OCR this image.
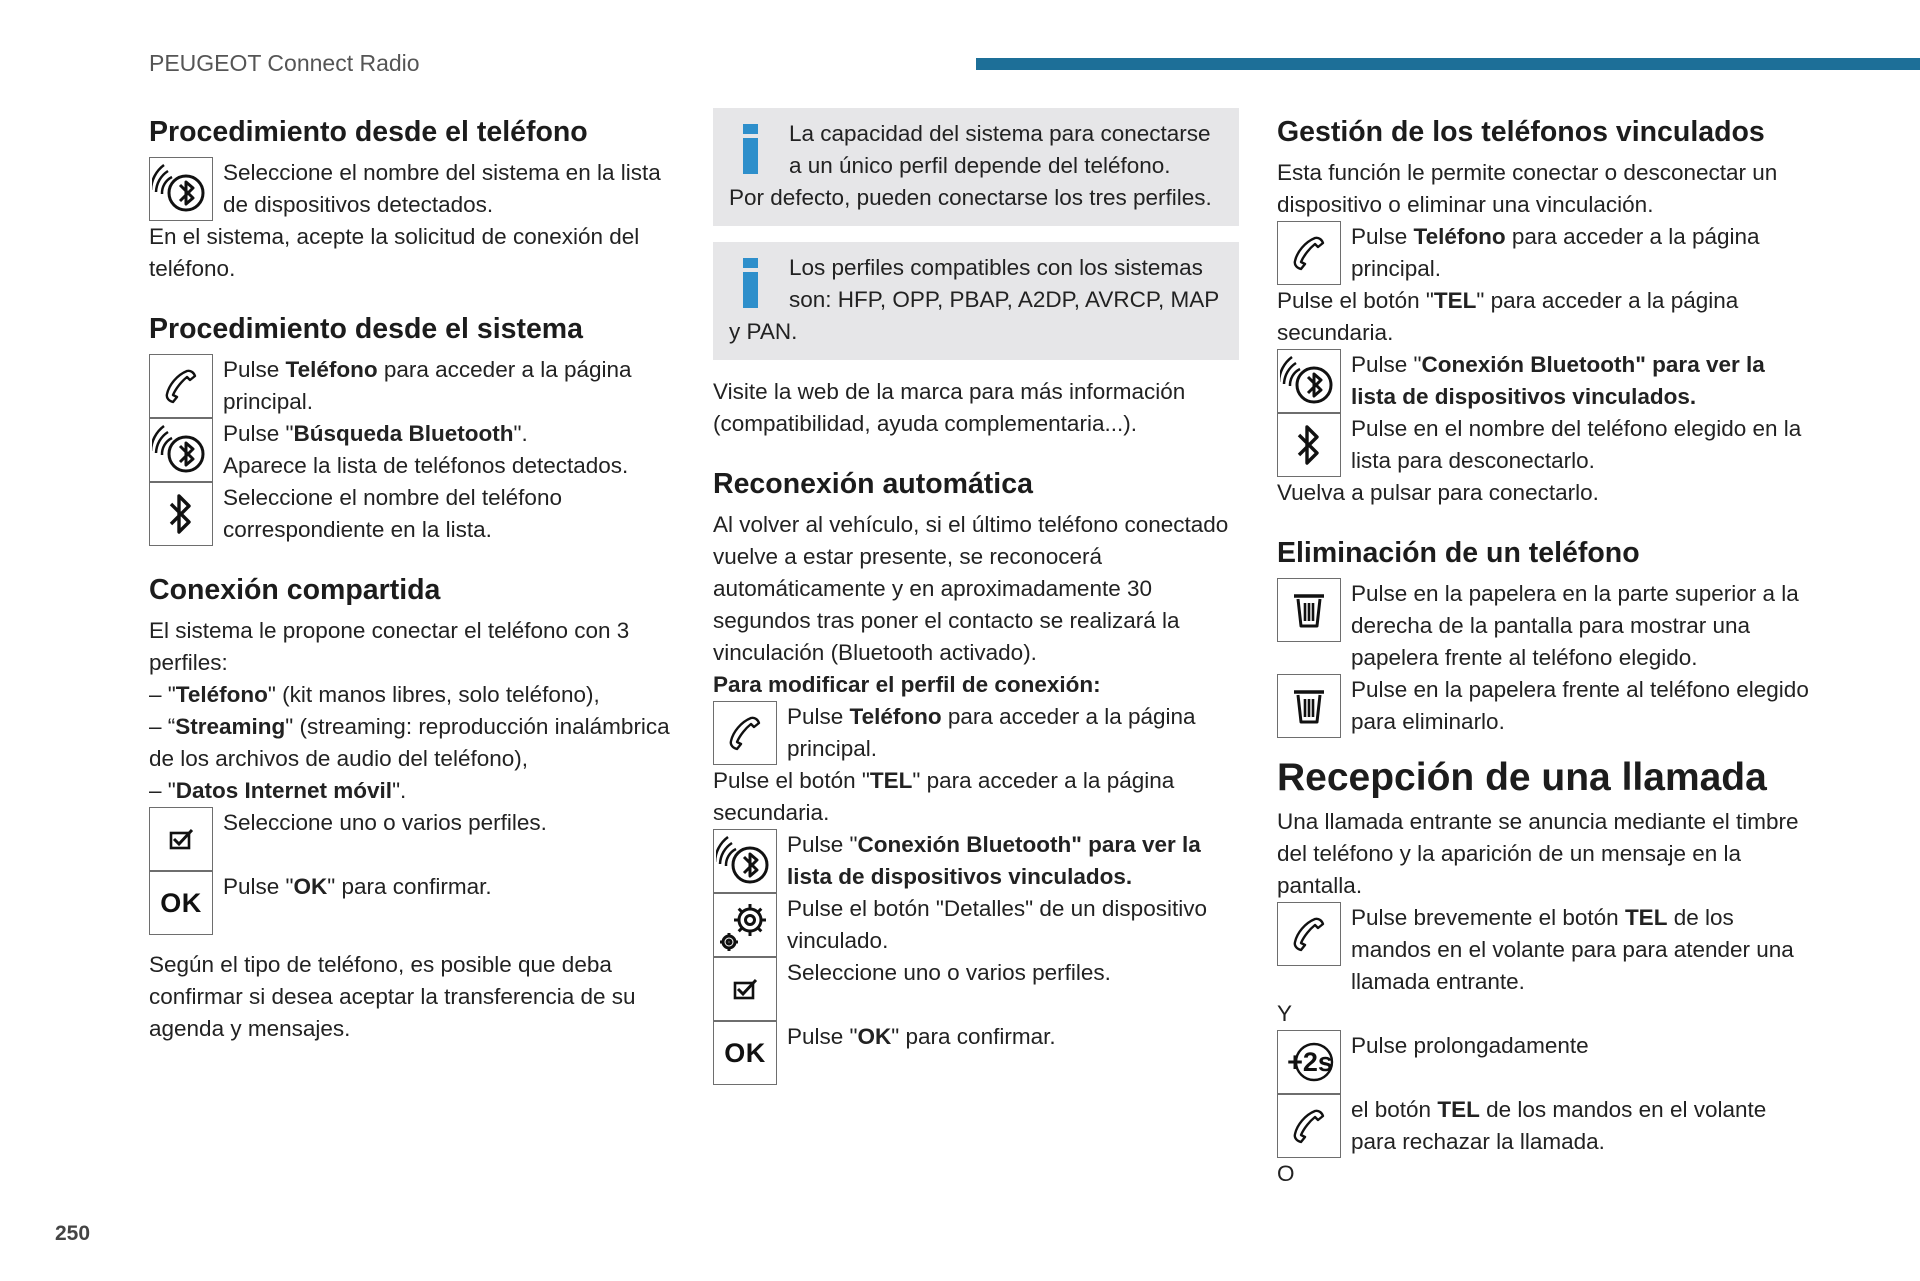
PEUGEOT Connect Radio
Procedimiento desde el teléfono

Seleccione el nombre del sistema en la lista de dispositivos detectados.

En el sistema, acepte la solicitud de conexión del teléfono.

Procedimiento desde el sistema

Pulse Teléfono para acceder a la página principal.

Pulse "Búsqueda Bluetooth".

Aparece la lista de teléfonos detectados.

Seleccione el nombre del teléfono correspondiente en la lista.

Conexión compartida

El sistema le propone conectar el teléfono con 3 perfiles:

– "Teléfono" (kit manos libres, solo teléfono),

– “Streaming" (streaming: reproducción inalámbrica de los archivos de audio del teléfono),

– "Datos Internet móvil".

Seleccione uno o varios perfiles.

OK

Pulse "OK" para confirmar.

Según el tipo de teléfono, es posible que deba confirmar si desea aceptar la transferencia de su agenda y mensajes.

La capacidad del sistema para conectarse a un único perfil depende del teléfono.

Por defecto, pueden conectarse los tres perfiles.

Los perfiles compatibles con los sistemas son: HFP, OPP, PBAP, A2DP, AVRCP, MAP y PAN.

Visite la web de la marca para más información (compatibilidad, ayuda complementaria...).

Reconexión automática

Al volver al vehículo, si el último teléfono conectado vuelve a estar presente, se reconocerá automáticamente y en aproximadamente 30 segundos tras poner el contacto se realizará la vinculación (Bluetooth activado).

Para modificar el perfil de conexión:

Pulse Teléfono para acceder a la página principal.

Pulse el botón "TEL" para acceder a la página secundaria.

Pulse "Conexión Bluetooth" para ver la lista de dispositivos vinculados.

Pulse el botón "Detalles" de un dispositivo vinculado.

Seleccione uno o varios perfiles.

OK

Pulse "OK" para confirmar.

Gestión de los teléfonos vinculados

Esta función le permite conectar o desconectar un dispositivo o eliminar una vinculación.

Pulse Teléfono para acceder a la página principal.

Pulse el botón "TEL" para acceder a la página secundaria.

Pulse "Conexión Bluetooth" para ver la lista de dispositivos vinculados.

Pulse en el nombre del teléfono elegido en la lista para desconectarlo.

Vuelva a pulsar para conectarlo.

Eliminación de un teléfono

Pulse en la papelera en la parte superior a la derecha de la pantalla para mostrar una papelera frente al teléfono elegido.

Pulse en la papelera frente al teléfono elegido para eliminarlo.

Recepción de una llamada

Una llamada entrante se anuncia mediante el timbre del teléfono y la aparición de un mensaje en la pantalla.

Pulse brevemente el botón TEL de los mandos en el volante para para atender una llamada entrante.

Y

+2s

Pulse prolongadamente

el botón TEL de los mandos en el volante para rechazar la llamada.

O

250
